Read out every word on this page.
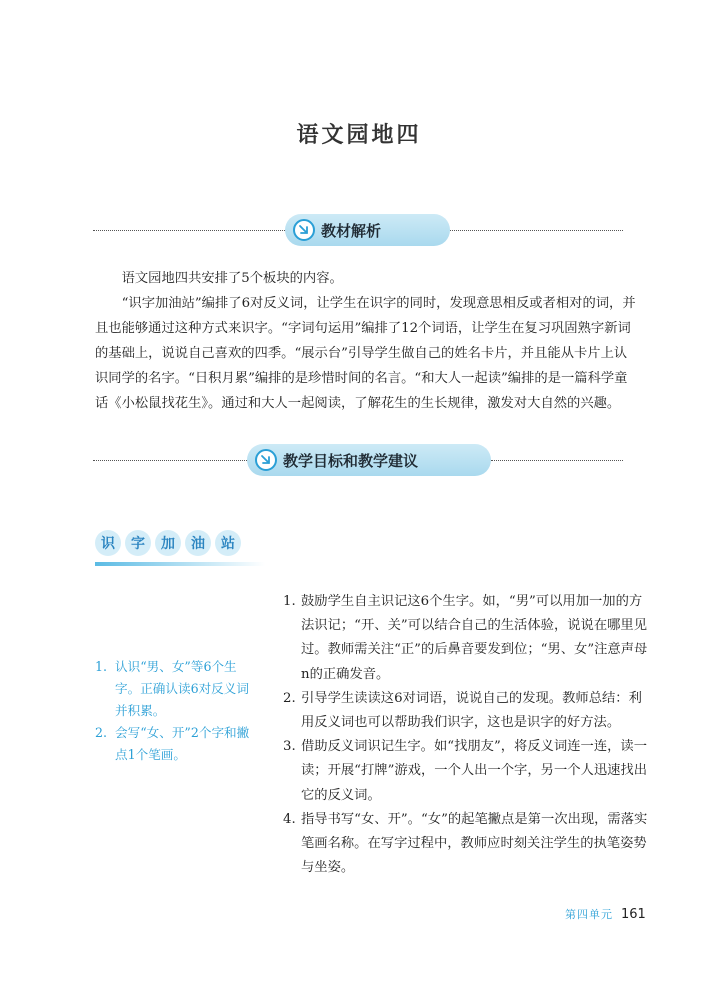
语文园地四
教材解析

语文园地四共安排了5个板块的内容。

“识字加油站”编排了6对反义词，让学生在识字的同时，发现意思相反或者相对的词，并且也能够通过这种方式来识字。“字词句运用”编排了12个词语，让学生在复习巩固熟字新词的基础上，说说自己喜欢的四季。“展示台”引导学生做自己的姓名卡片，并且能从卡片上认识同学的名字。“日积月累”编排的是珍惜时间的名言。“和大人一起读”编排的是一篇科学童话《小松鼠找花生》。通过和大人一起阅读，了解花生的生长规律，激发对大自然的兴趣。

教学目标和教学建议
识	字	加	油	站
1. 认识“男、女”等6个生字。正确认读6对反义词并积累。
2. 会写“女、开”2个字和撇点1个笔画。
1. 鼓励学生自主识记这6个生字。如，“男”可以用加一加的方法识记；“开、关”可以结合自己的生活体验，说说在哪里见过。教师需关注“正”的后鼻音要发到位；“男、女”注意声母n的正确发音。
2. 引导学生读读这6对词语，说说自己的发现。教师总结：利用反义词也可以帮助我们识字，这也是识字的好方法。
3. 借助反义词识记生字。如“找朋友”，将反义词连一连，读一读；开展“打牌”游戏，一个人出一个字，另一个人迅速找出它的反义词。
4. 指导书写“女、开”。“女”的起笔撇点是第一次出现，需落实笔画名称。在写字过程中，教师应时刻关注学生的执笔姿势与坐姿。
第四单元 161
